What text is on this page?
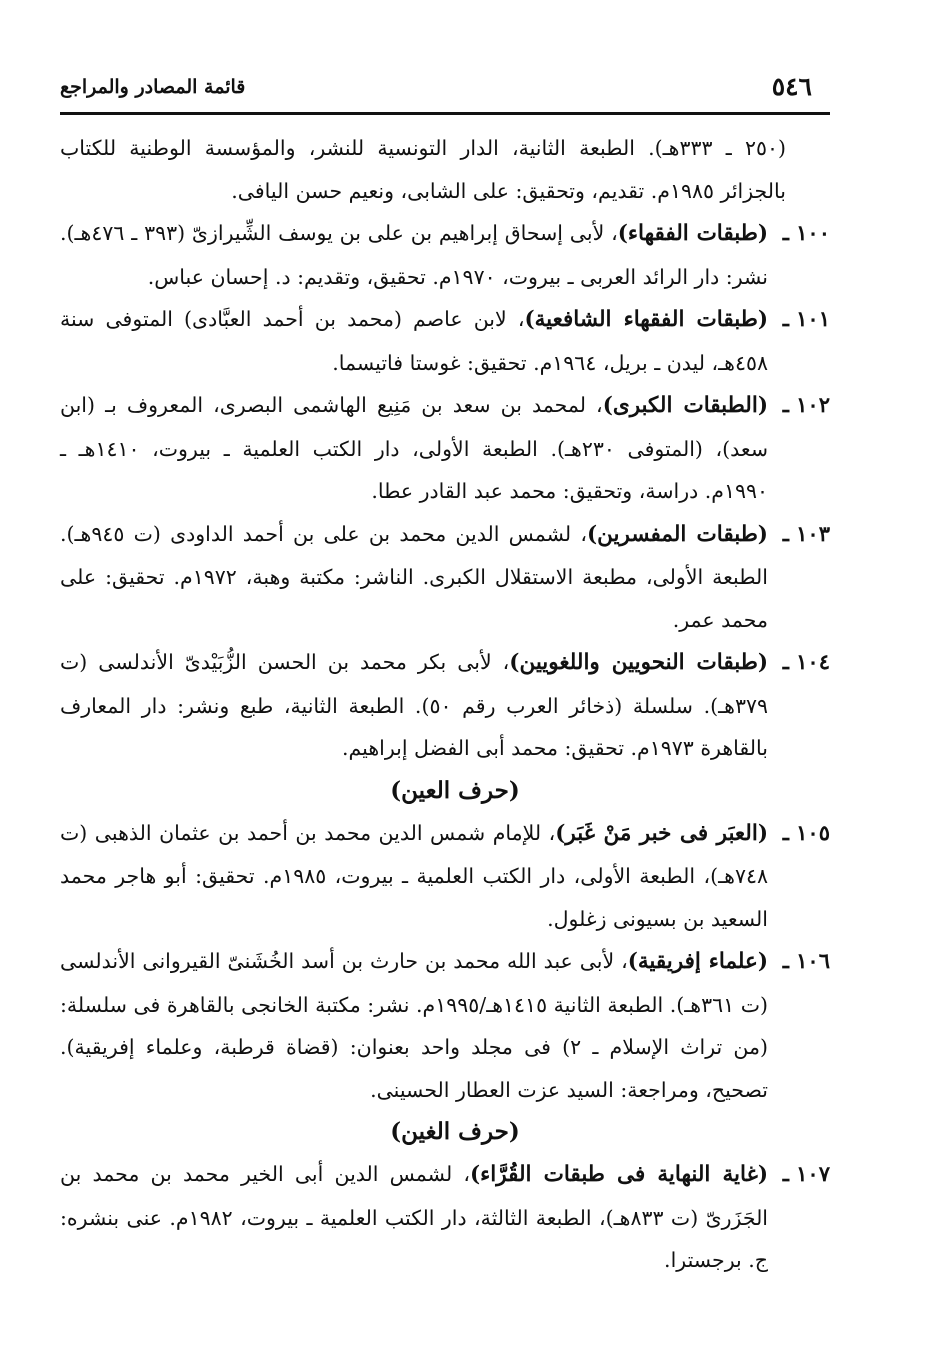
٥٤٦
قائمة المصادر والمراجع

(٢٥٠ ـ ٣٣٣هـ). الطبعة الثانية، الدار التونسية للنشر، والمؤسسة الوطنية للكتاب بالجزائر ١٩٨٥م. تقديم، وتحقيق: على الشابى، ونعيم حسن اليافى.

١٠٠ ـ
(طبقات الفقهاء)، لأبى إسحاق إبراهيم بن على بن يوسف الشِّيرازىّ (٣٩٣ ـ ٤٧٦هـ). نشر: دار الرائد العربى ـ بيروت، ١٩٧٠م. تحقيق، وتقديم: د. إحسان عباس.
١٠١ ـ
(طبقات الفقهاء الشافعية)، لابن عاصم (محمد بن أحمد العبَّادى) المتوفى سنة ٤٥٨هـ، ليدن ـ بريل، ١٩٦٤م. تحقيق: غوستا فاتيسما.
١٠٢ ـ
(الطبقات الكبرى)، لمحمد بن سعد بن مَنِيع الهاشمى البصرى، المعروف بـ (ابن سعد)، (المتوفى ٢٣٠هـ). الطبعة الأولى، دار الكتب العلمية ـ بيروت، ١٤١٠هـ ـ ١٩٩٠م. دراسة، وتحقيق: محمد عبد القادر عطا.
١٠٣ ـ
(طبقات المفسرين)، لشمس الدين محمد بن على بن أحمد الداودى (ت ٩٤٥هـ). الطبعة الأولى، مطبعة الاستقلال الكبرى. الناشر: مكتبة وهبة، ١٩٧٢م. تحقيق: على محمد عمر.
١٠٤ ـ
(طبقات النحويين واللغويين)، لأبى بكر محمد بن الحسن الزُّبَيْدىّ الأندلسى (ت ٣٧٩هـ). سلسلة (ذخائر العرب رقم ٥٠). الطبعة الثانية، طبع ونشر: دار المعارف بالقاهرة ١٩٧٣م. تحقيق: محمد أبى الفضل إبراهيم.
(حرف العين)
١٠٥ ـ
(العبَر فى خبر مَنْ غَبَر)، للإمام شمس الدين محمد بن أحمد بن عثمان الذهبى (ت ٧٤٨هـ)، الطبعة الأولى، دار الكتب العلمية ـ بيروت، ١٩٨٥م. تحقيق: أبو هاجر محمد السعيد بن بسيونى زغلول.
١٠٦ ـ
(علماء إفريقية)، لأبى عبد الله محمد بن حارث بن أسد الخُشَنىّ القيروانى الأندلسى (ت ٣٦١هـ). الطبعة الثانية ١٤١٥هـ/١٩٩٥م. نشر: مكتبة الخانجى بالقاهرة فى سلسلة: (من تراث الإسلام ـ ٢) فى مجلد واحد بعنوان: (قضاة قرطبة، وعلماء إفريقية). تصحيح، ومراجعة: السيد عزت العطار الحسينى.
(حرف الغين)
١٠٧ ـ
(غاية النهاية فى طبقات القُرَّاء)، لشمس الدين أبى الخير محمد بن محمد بن الجَزَرىّ (ت ٨٣٣هـ)، الطبعة الثالثة، دار الكتب العلمية ـ بيروت، ١٩٨٢م. عنى بنشره: ج. برجسترا.
